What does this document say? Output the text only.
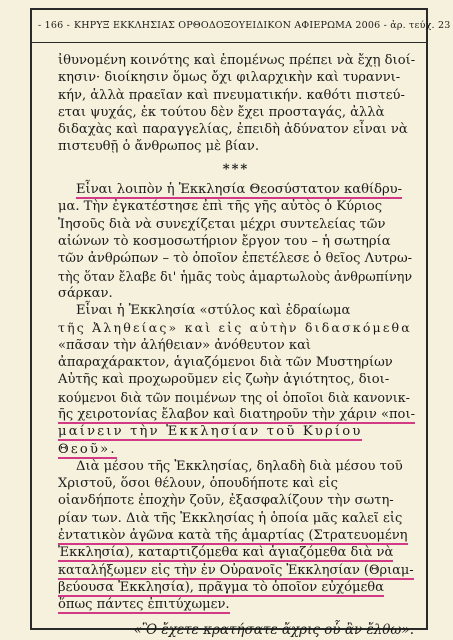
- 166 - ΚΗΡΥΞ ΕΚΚΛΗΣΙΑΣ ΟΡΘΟΔΟΞΟΥ ΕΙΔΙΚΟΝ ΑΦΙΕΡΩΜΑ 2006 - ἀρ. τεύχ. 23
ἰθυνομένη κοινότης καὶ ἑπομένως πρέπει νὰ ἔχῃ διοί-
κησιν· διοίκησιν ὅμως ὄχι φιλαρχικὴν καὶ τυραννι-
κήν, ἀλλὰ πραεῖαν καὶ πνευματικήν. καθότι πιστεύ-
εται ψυχάς, ἐκ τούτου δὲν ἔχει προσταγάς, ἀλλὰ
διδαχὰς καὶ παραγγελίας, ἐπειδὴ ἀδύνατον εἶναι νὰ
πιστευθῇ ὁ ἄνθρωπος μὲ βίαν.
***
Εἶναι λοιπὸν ἡ Ἐκκλησία Θεοσύστατον καθίδρυ-
μα. Τὴν ἐγκατέστησε ἐπὶ τῆς γῆς αὐτὸς ὁ Κύριος
Ἰησοῦς διὰ νὰ συνεχίζεται μέχρι συντελείας τῶν
αἰώνων τὸ κοσμοσωτήριον ἔργον του – ἡ σωτηρία
τῶν ἀνθρώπων – τὸ ὁποῖον ἐπετέλεσε ὁ θεῖος Λυτρω-
τὴς ὅταν ἔλαβε δι' ἡμᾶς τοὺς ἁμαρτωλοὺς ἀνθρωπίνην
σάρκαν.
Εἶναι ἡ Ἐκκλησία «στύλος καὶ ἑδραίωμα
τῆς Ἀληθείας» καὶ εἰς αὐτὴν διδασκόμεθα
«πᾶσαν τὴν ἀλήθειαν» ἀνόθευτον καὶ
ἀπαραχάρακτον, ἁγιαζόμενοι διὰ τῶν Μυστηρίων
Αὐτῆς καὶ προχωροῦμεν εἰς ζωὴν ἁγιότητος, διοι-
κούμενοι διὰ τῶν ποιμένων της οἱ ὁποῖοι διὰ κανονικ-
ῆς χειροτονίας ἔλαβον καὶ διατηροῦν τὴν χάριν «ποι-
μαίνειν τὴν Ἐκκλησίαν τοῦ Κυρίου
Θεοῦ».
Διὰ μέσου τῆς Ἐκκλησίας, δηλαδὴ διὰ μέσου τοῦ
Χριστοῦ, ὅσοι θέλουν, ὁπουδήποτε καὶ εἰς
οἱανδήποτε ἐποχὴν ζοῦν, ἐξασφαλίζουν τὴν σωτη-
ρίαν των. Διὰ τῆς Ἐκκλησίας ἡ ὁποία μᾶς καλεῖ εἰς
ἐντατικὸν ἀγῶνα κατὰ τῆς ἁμαρτίας (Στρατευομένη
Ἐκκλησία), καταρτιζόμεθα καὶ ἁγιαζόμεθα διὰ νὰ
καταλήξωμεν εἰς τὴν ἐν Οὐρανοῖς Ἐκκλησίαν (Θριαμ-
βεύουσα Ἐκκλησία), πρᾶγμα τὸ ὁποῖον εὐχόμεθα
ὅπως πάντες ἐπιτύχωμεν.
«Ὃ ἔχετε κρατήσατε ἄχρις οὗ ἂν ἔλθω».
